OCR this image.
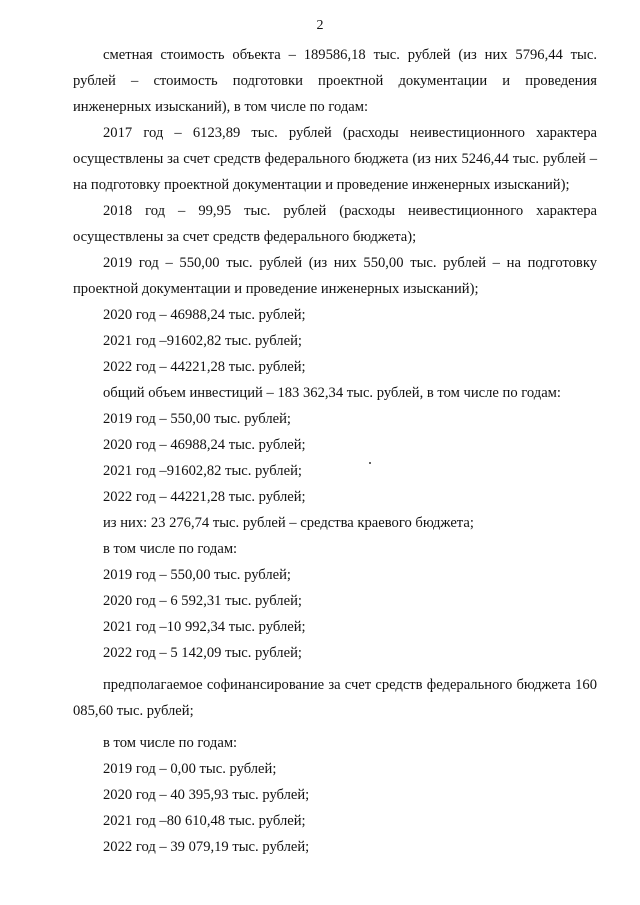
2

сметная стоимость объекта – 189586,18 тыс. рублей (из них 5796,44 тыс. рублей – стоимость подготовки проектной документации и проведения инженерных изысканий), в том числе по годам:

2017 год – 6123,89 тыс. рублей (расходы неивестиционного характера осуществлены за счет средств федерального бюджета (из них 5246,44 тыс. рублей – на подготовку проектной документации и проведение инженерных изысканий);

2018 год – 99,95 тыс. рублей (расходы неивестиционного характера осуществлены за счет средств федерального бюджета);

2019 год – 550,00 тыс. рублей (из них 550,00 тыс. рублей – на подготовку проектной документации и проведение инженерных изысканий);

2020 год – 46988,24 тыс. рублей;

2021 год –91602,82 тыс. рублей;

2022 год – 44221,28 тыс. рублей;

общий объем инвестиций – 183 362,34 тыс. рублей, в том числе по годам:

2019 год – 550,00 тыс. рублей;

2020 год – 46988,24 тыс. рублей;

2021 год –91602,82 тыс. рублей;

2022 год – 44221,28 тыс. рублей;

из них: 23 276,74 тыс. рублей – средства краевого бюджета;

в том числе по годам:

2019 год – 550,00 тыс. рублей;

2020 год – 6 592,31 тыс. рублей;

2021 год –10 992,34 тыс. рублей;

2022 год – 5 142,09 тыс. рублей;

предполагаемое софинансирование за счет средств федерального бюджета 160 085,60 тыс. рублей;

в том числе по годам:

2019 год – 0,00 тыс. рублей;

2020 год – 40 395,93 тыс. рублей;

2021 год –80 610,48 тыс. рублей;

2022 год – 39 079,19 тыс. рублей;
